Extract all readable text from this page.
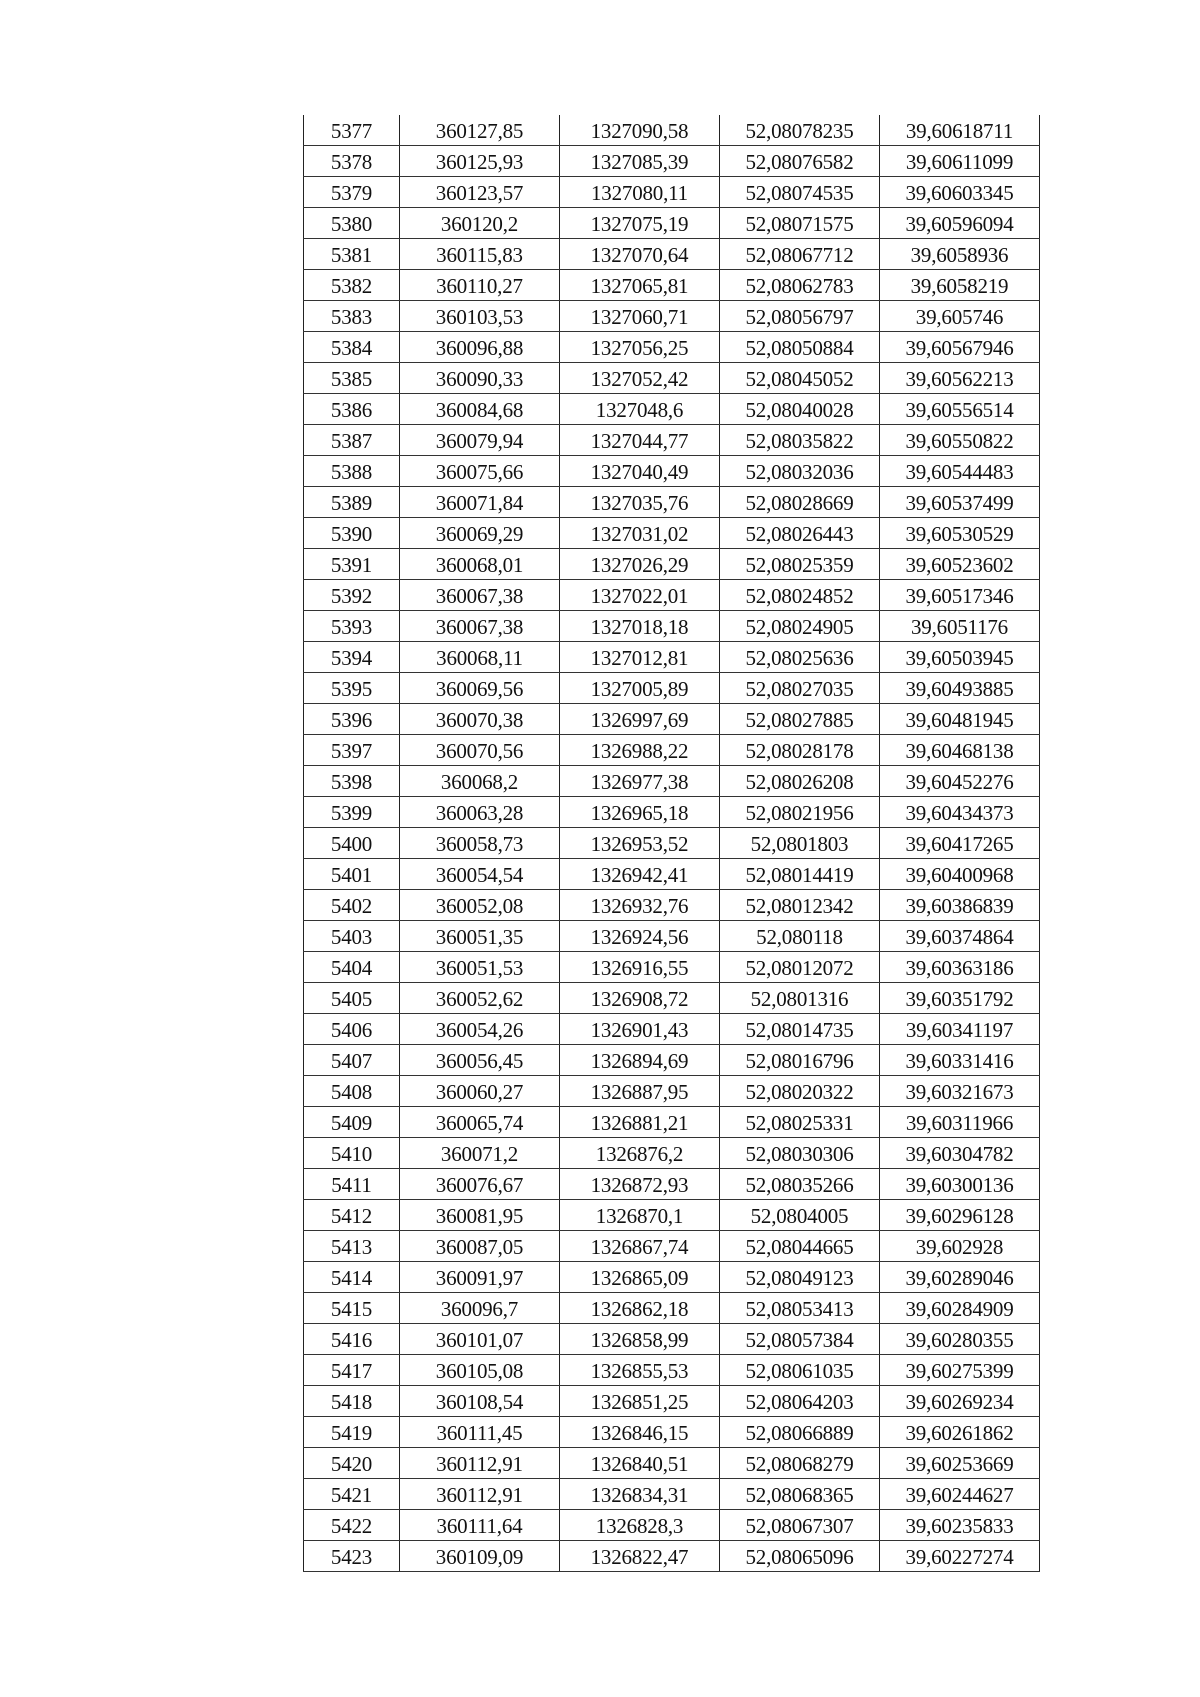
5377	360127,85	1327090,58	52,08078235	39,60618711
5378	360125,93	1327085,39	52,08076582	39,60611099
5379	360123,57	1327080,11	52,08074535	39,60603345
5380	360120,2	1327075,19	52,08071575	39,60596094
5381	360115,83	1327070,64	52,08067712	39,6058936
5382	360110,27	1327065,81	52,08062783	39,6058219
5383	360103,53	1327060,71	52,08056797	39,605746
5384	360096,88	1327056,25	52,08050884	39,60567946
5385	360090,33	1327052,42	52,08045052	39,60562213
5386	360084,68	1327048,6	52,08040028	39,60556514
5387	360079,94	1327044,77	52,08035822	39,60550822
5388	360075,66	1327040,49	52,08032036	39,60544483
5389	360071,84	1327035,76	52,08028669	39,60537499
5390	360069,29	1327031,02	52,08026443	39,60530529
5391	360068,01	1327026,29	52,08025359	39,60523602
5392	360067,38	1327022,01	52,08024852	39,60517346
5393	360067,38	1327018,18	52,08024905	39,6051176
5394	360068,11	1327012,81	52,08025636	39,60503945
5395	360069,56	1327005,89	52,08027035	39,60493885
5396	360070,38	1326997,69	52,08027885	39,60481945
5397	360070,56	1326988,22	52,08028178	39,60468138
5398	360068,2	1326977,38	52,08026208	39,60452276
5399	360063,28	1326965,18	52,08021956	39,60434373
5400	360058,73	1326953,52	52,0801803	39,60417265
5401	360054,54	1326942,41	52,08014419	39,60400968
5402	360052,08	1326932,76	52,08012342	39,60386839
5403	360051,35	1326924,56	52,080118	39,60374864
5404	360051,53	1326916,55	52,08012072	39,60363186
5405	360052,62	1326908,72	52,0801316	39,60351792
5406	360054,26	1326901,43	52,08014735	39,60341197
5407	360056,45	1326894,69	52,08016796	39,60331416
5408	360060,27	1326887,95	52,08020322	39,60321673
5409	360065,74	1326881,21	52,08025331	39,60311966
5410	360071,2	1326876,2	52,08030306	39,60304782
5411	360076,67	1326872,93	52,08035266	39,60300136
5412	360081,95	1326870,1	52,0804005	39,60296128
5413	360087,05	1326867,74	52,08044665	39,602928
5414	360091,97	1326865,09	52,08049123	39,60289046
5415	360096,7	1326862,18	52,08053413	39,60284909
5416	360101,07	1326858,99	52,08057384	39,60280355
5417	360105,08	1326855,53	52,08061035	39,60275399
5418	360108,54	1326851,25	52,08064203	39,60269234
5419	360111,45	1326846,15	52,08066889	39,60261862
5420	360112,91	1326840,51	52,08068279	39,60253669
5421	360112,91	1326834,31	52,08068365	39,60244627
5422	360111,64	1326828,3	52,08067307	39,60235833
5423	360109,09	1326822,47	52,08065096	39,60227274
